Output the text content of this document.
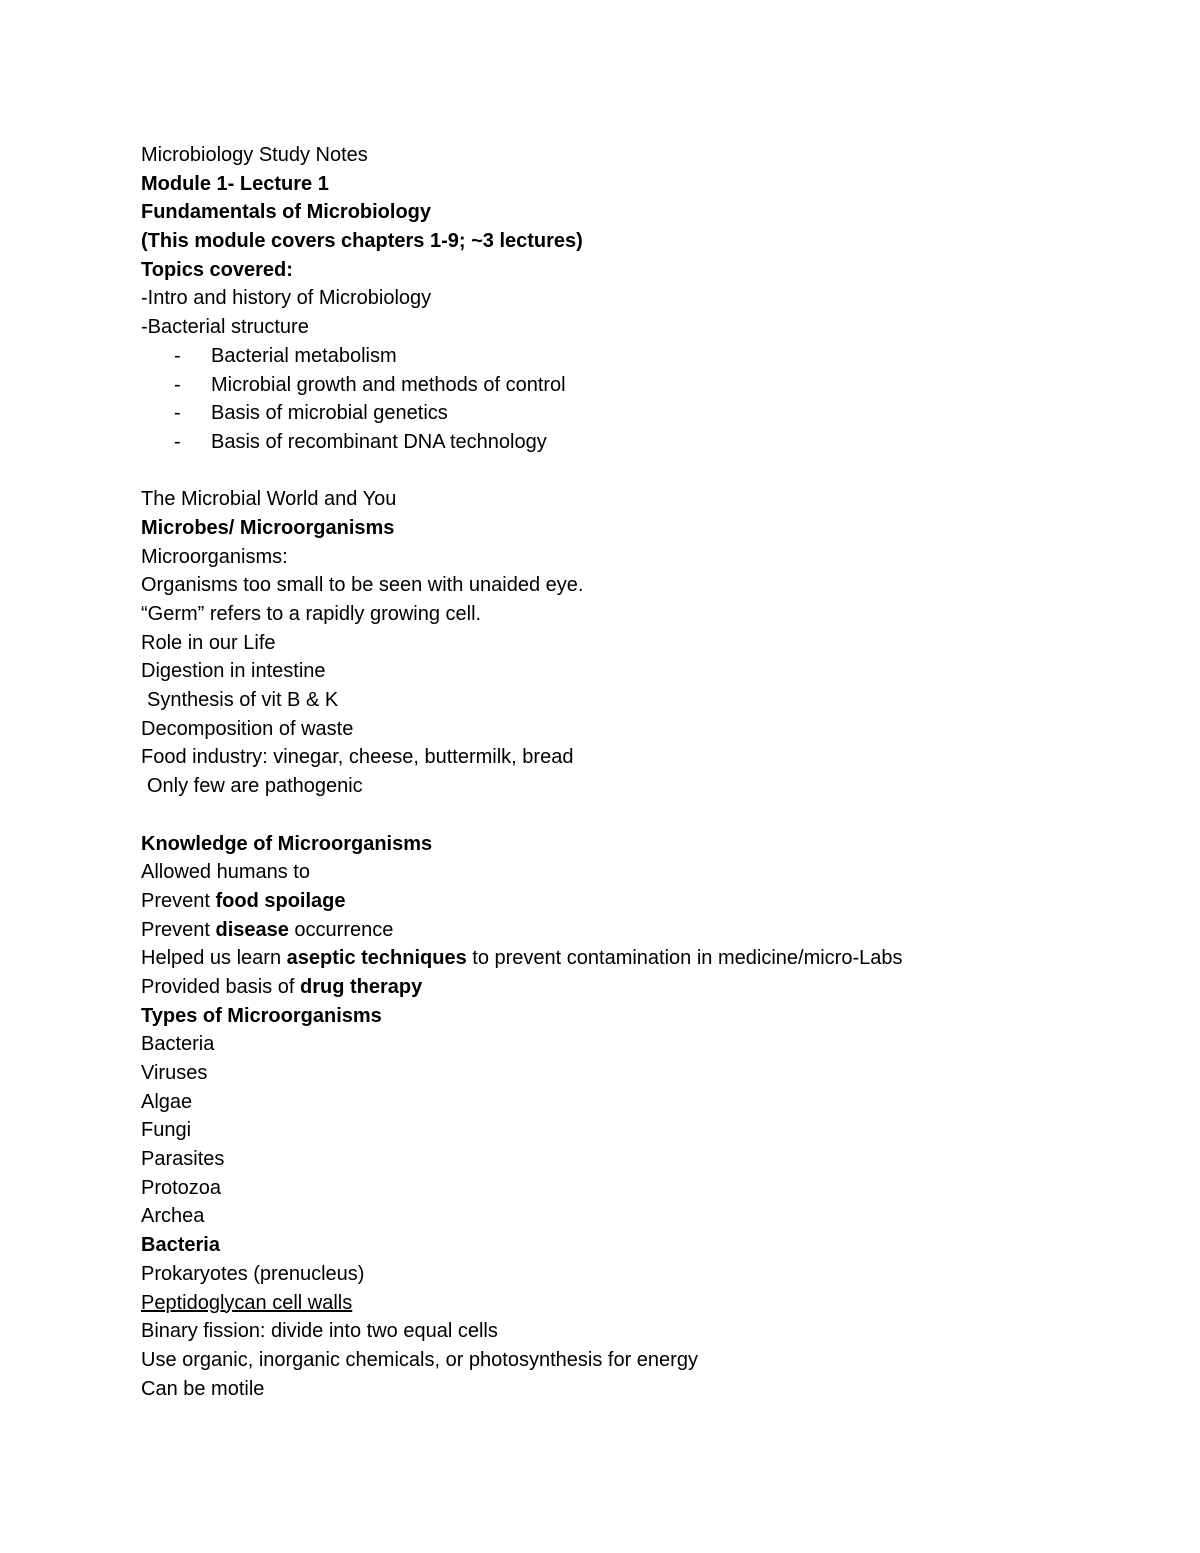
Microbiology Study Notes
Module 1- Lecture 1
Fundamentals of Microbiology
(This module covers chapters 1-9; ~3 lectures)
Topics covered:
-Intro and history of Microbiology
-Bacterial structure
- Bacterial metabolism
- Microbial growth and methods of control
- Basis of microbial genetics
- Basis of recombinant DNA technology
The Microbial World and You
Microbes/ Microorganisms
Microorganisms:
Organisms too small to be seen with unaided eye.
“Germ” refers to a rapidly growing cell.
Role in our Life
Digestion in intestine
Synthesis of vit B & K
Decomposition of waste
Food industry: vinegar, cheese, buttermilk, bread
Only few are pathogenic
Knowledge of Microorganisms
Allowed humans to
Prevent food spoilage
Prevent disease occurrence
Helped us learn aseptic techniques to prevent contamination in medicine/micro-Labs
Provided basis of drug therapy
Types of Microorganisms
Bacteria
Viruses
Algae
Fungi
Parasites
Protozoa
Archea
Bacteria
Prokaryotes (prenucleus)
Peptidoglycan cell walls
Binary fission: divide into two equal cells
Use organic, inorganic chemicals, or photosynthesis for energy
Can be motile
